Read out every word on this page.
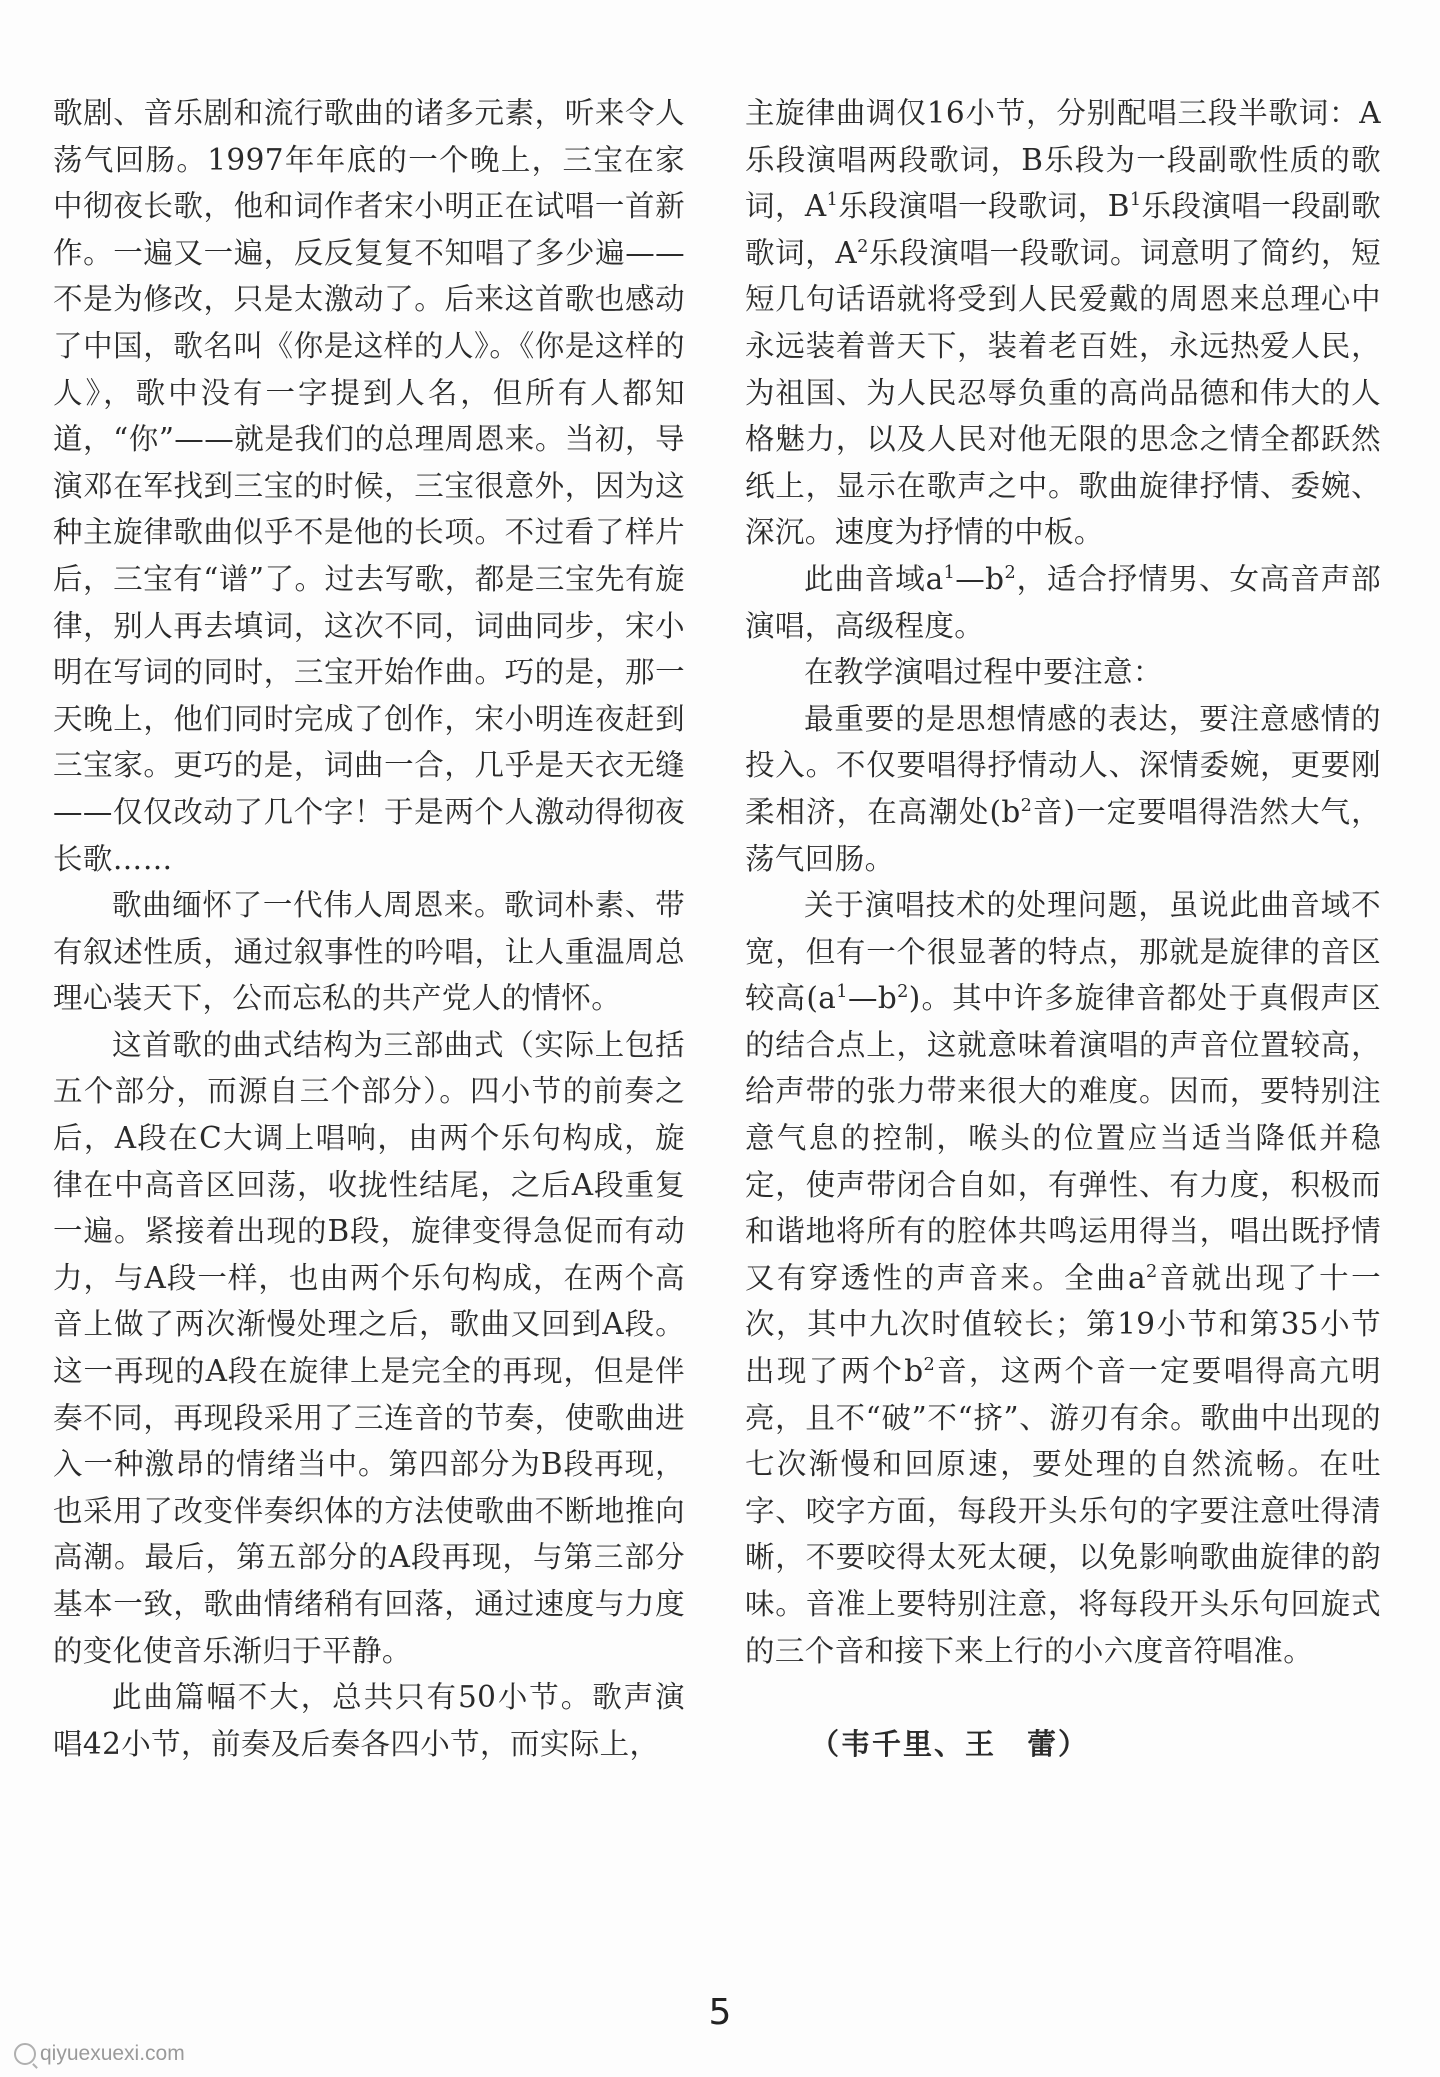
歌剧、音乐剧和流行歌曲的诸多元素，听来令人荡气回肠。1997年年底的一个晚上，三宝在家中彻夜长歌，他和词作者宋小明正在试唱一首新作。一遍又一遍，反反复复不知唱了多少遍——不是为修改，只是太激动了。后来这首歌也感动了中国，歌名叫《你是这样的人》。《你是这样的人》，歌中没有一字提到人名，但所有人都知道，“你”——就是我们的总理周恩来。当初，导演邓在军找到三宝的时候，三宝很意外，因为这种主旋律歌曲似乎不是他的长项。不过看了样片后，三宝有“谱”了。过去写歌，都是三宝先有旋律，别人再去填词，这次不同，词曲同步，宋小明在写词的同时，三宝开始作曲。巧的是，那一天晚上，他们同时完成了创作，宋小明连夜赶到三宝家。更巧的是，词曲一合，几乎是天衣无缝——仅仅改动了几个字！于是两个人激动得彻夜长歌……

歌曲缅怀了一代伟人周恩来。歌词朴素、带有叙述性质，通过叙事性的吟唱，让人重温周总理心装天下，公而忘私的共产党人的情怀。

这首歌的曲式结构为三部曲式（实际上包括五个部分，而源自三个部分）。四小节的前奏之后，A段在C大调上唱响，由两个乐句构成，旋律在中高音区回荡，收拢性结尾，之后A段重复一遍。紧接着出现的B段，旋律变得急促而有动力，与A段一样，也由两个乐句构成，在两个高音上做了两次渐慢处理之后，歌曲又回到A段。这一再现的A段在旋律上是完全的再现，但是伴奏不同，再现段采用了三连音的节奏，使歌曲进入一种激昂的情绪当中。第四部分为B段再现，也采用了改变伴奏织体的方法使歌曲不断地推向高潮。最后，第五部分的A段再现，与第三部分基本一致，歌曲情绪稍有回落，通过速度与力度的变化使音乐渐归于平静。

此曲篇幅不大，总共只有50小节。歌声演唱42小节，前奏及后奏各四小节，而实际上，

主旋律曲调仅16小节，分别配唱三段半歌词：A乐段演唱两段歌词，B乐段为一段副歌性质的歌词，$A^1$乐段演唱一段歌词，$B^1$乐段演唱一段副歌歌词，$A^2$乐段演唱一段歌词。词意明了简约，短短几句话语就将受到人民爱戴的周恩来总理心中永远装着普天下，装着老百姓，永远热爱人民，为祖国、为人民忍辱负重的高尚品德和伟大的人格魅力，以及人民对他无限的思念之情全都跃然纸上，显示在歌声之中。歌曲旋律抒情、委婉、深沉。速度为抒情的中板。

此曲音域$a^1—b^2$，适合抒情男、女高音声部演唱，高级程度。

在教学演唱过程中要注意：

最重要的是思想情感的表达，要注意感情的投入。不仅要唱得抒情动人、深情委婉，更要刚柔相济，在高潮处($b^2$音)一定要唱得浩然大气，荡气回肠。

关于演唱技术的处理问题，虽说此曲音域不宽，但有一个很显著的特点，那就是旋律的音区较高$(a^1—b^2)$。其中许多旋律音都处于真假声区的结合点上，这就意味着演唱的声音位置较高，给声带的张力带来很大的难度。因而，要特别注意气息的控制，喉头的位置应当适当降低并稳定，使声带闭合自如，有弹性、有力度，积极而和谐地将所有的腔体共鸣运用得当，唱出既抒情又有穿透性的声音来。全曲$a^2$音就出现了十一次，其中九次时值较长；第19小节和第35小节出现了两个$b^2$音，这两个音一定要唱得高亢明亮，且不“破”不“挤”、游刃有余。歌曲中出现的七次渐慢和回原速，要处理的自然流畅。在吐字、咬字方面，每段开头乐句的字要注意吐得清晰，不要咬得太死太硬，以免影响歌曲旋律的韵味。音准上要特别注意，将每段开头乐句回旋式的三个音和接下来上行的小六度音符唱准。

（韦千里、王　蕾）
5
qiyuexuexi.com
